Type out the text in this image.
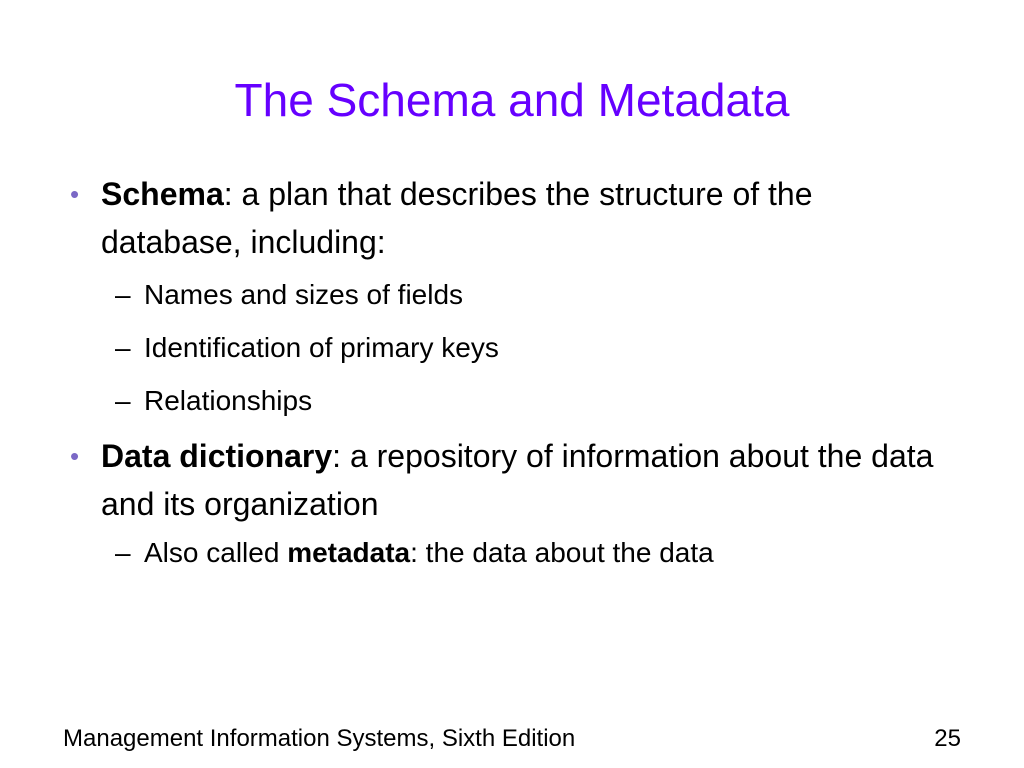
The Schema and Metadata
• Schema: a plan that describes the structure of the database, including:
– Names and sizes of fields
– Identification of primary keys
– Relationships
• Data dictionary: a repository of information about the data and its organization
– Also called metadata: the data about the data
Management Information Systems, Sixth Edition	25
